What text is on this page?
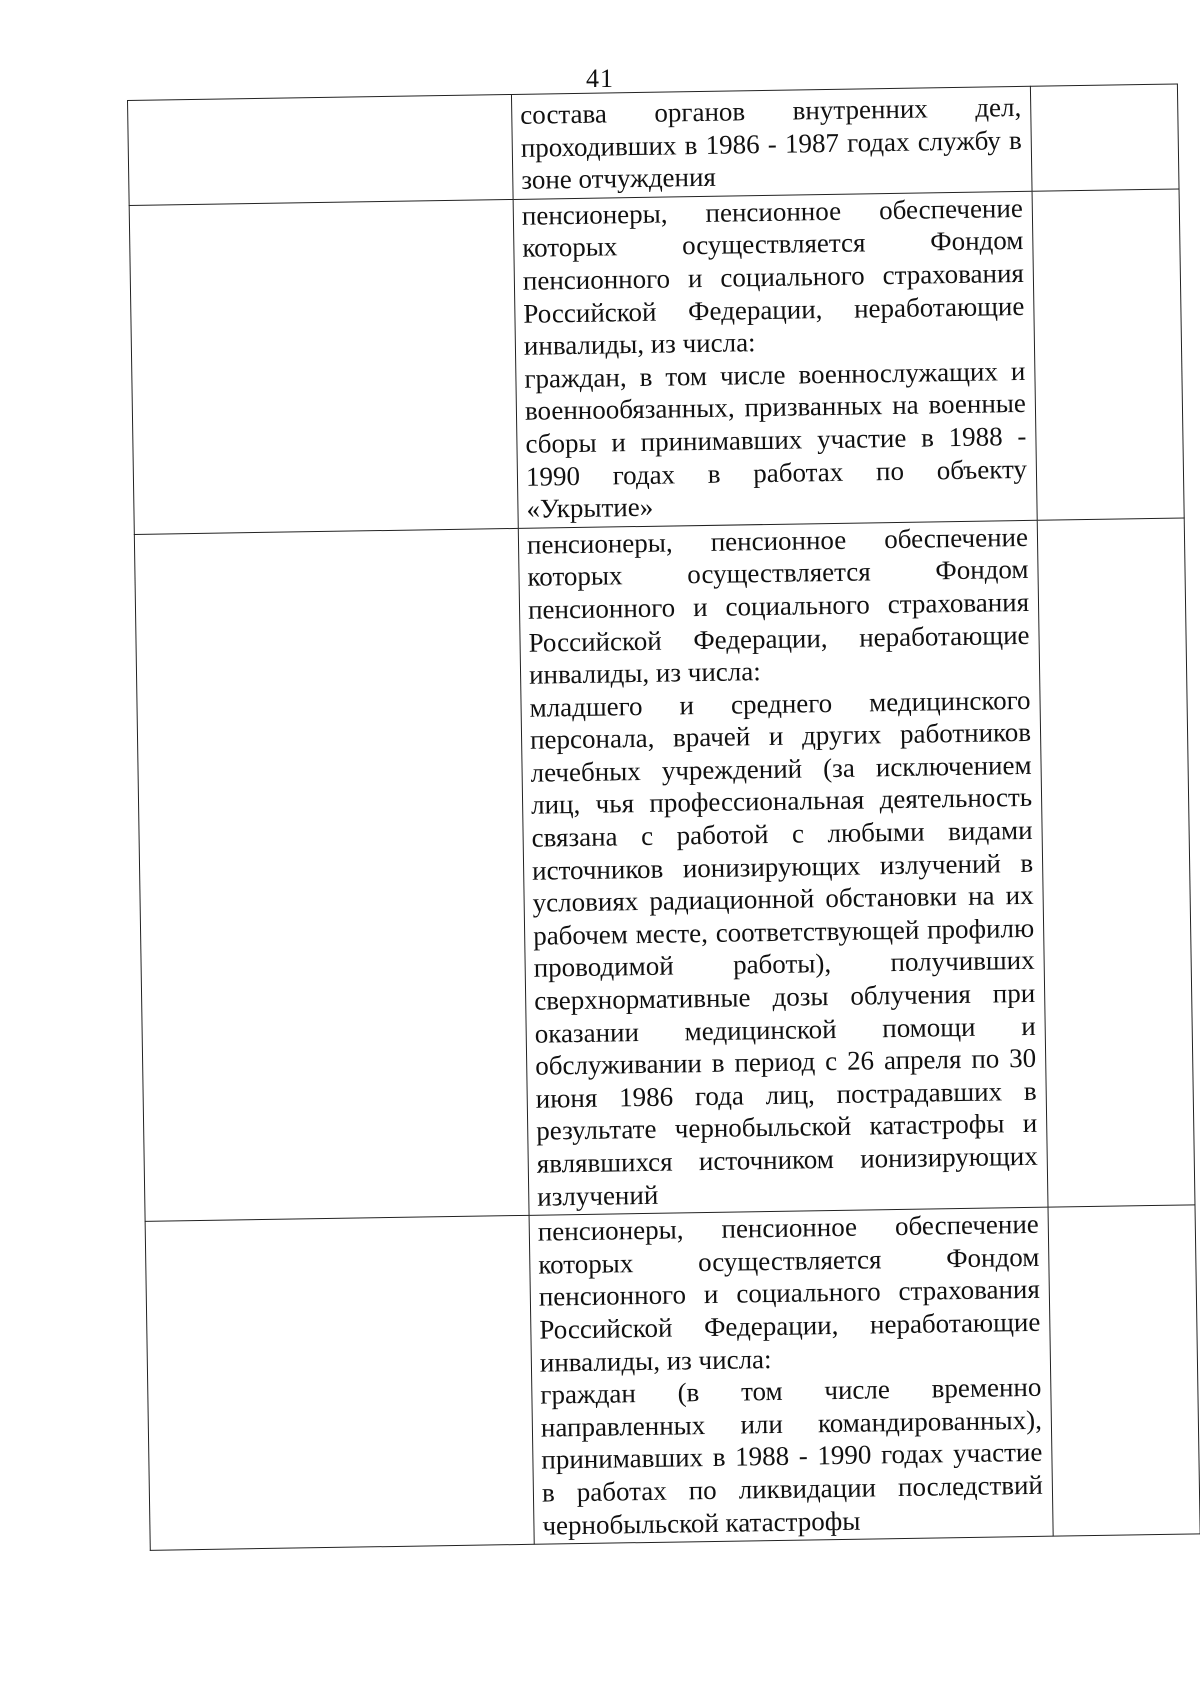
41

	состава органов внутренних дел, проходивших в 1986 - 1987 годах службу в зоне отчуждения	

	пенсионеры, пенсионное обеспечение которых осуществляется Фондом пенсионного и социального страхования Российской Федерации, неработающие инвалиды, из числа:

граждан, в том числе военнослужащих и военнообязанных, призванных на военные сборы и принимавших участие в 1988 - 1990 годах в работах по объекту «Укрытие»	

	пенсионеры, пенсионное обеспечение которых осуществляется Фондом пенсионного и социального страхования Российской Федерации, неработающие инвалиды, из числа:

младшего и среднего медицинского персонала, врачей и других работников лечебных учреждений (за исключением лиц, чья профессиональная деятельность связана с работой с любыми видами источников ионизирующих излучений в условиях радиационной обстановки на их рабочем месте, соответствующей профилю проводимой работы), получивших сверхнормативные дозы облучения при оказании медицинской помощи и обслуживании в период с 26 апреля по 30 июня 1986 года лиц, пострадавших в результате чернобыльской катастрофы и являвшихся источником ионизирующих излучений	

	пенсионеры, пенсионное обеспечение которых осуществляется Фондом пенсионного и социального страхования Российской Федерации, неработающие инвалиды, из числа:

граждан (в том числе временно направленных или командированных), принимавших в 1988 - 1990 годах участие в работах по ликвидации последствий чернобыльской катастрофы	
